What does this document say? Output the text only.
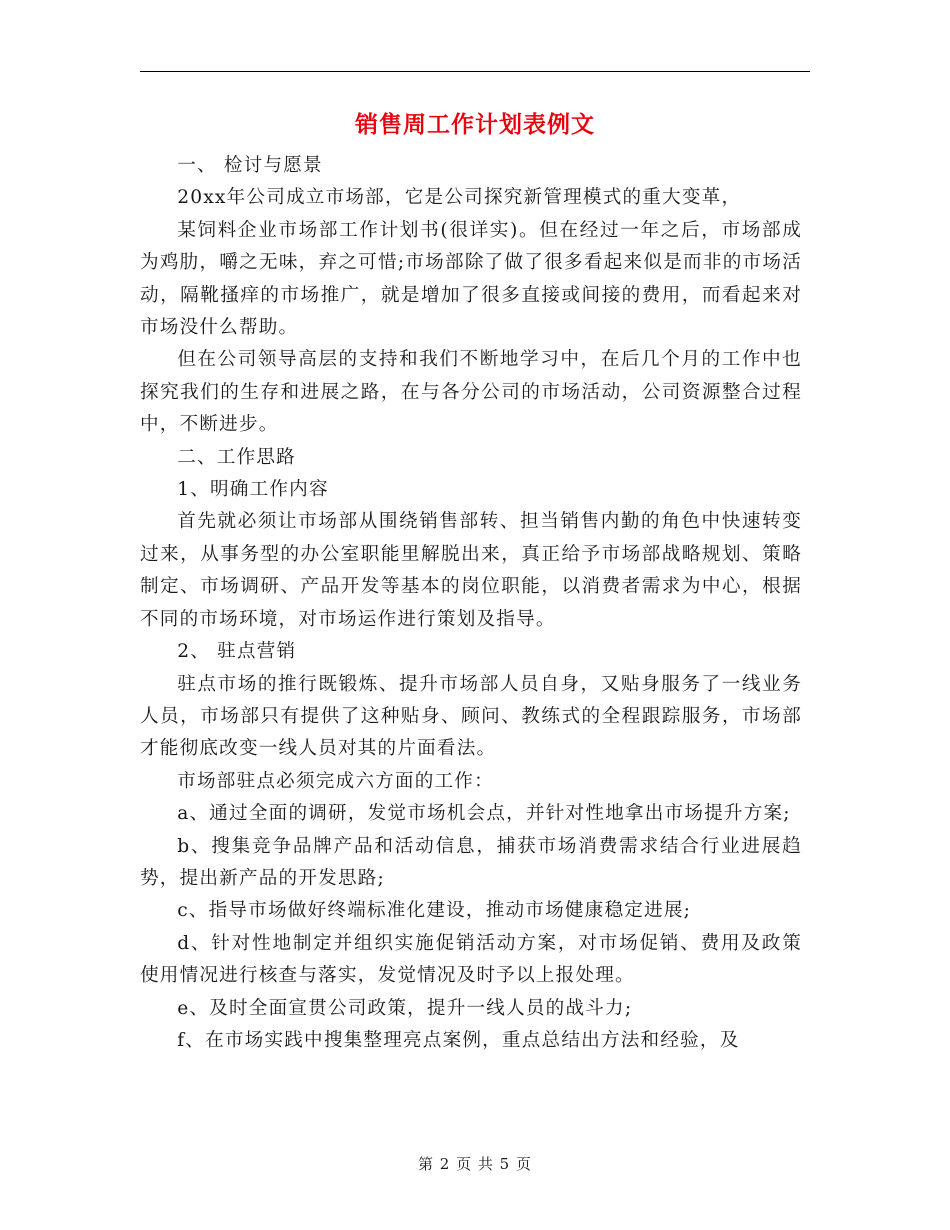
销售周工作计划表例文

一、 检讨与愿景

20xx年公司成立市场部，它是公司探究新管理模式的重大变革，

某饲料企业市场部工作计划书(很详实)。但在经过一年之后，市场部成为鸡肋，嚼之无味，弃之可惜;市场部除了做了很多看起来似是而非的市场活动，隔靴搔痒的市场推广，就是增加了很多直接或间接的费用，而看起来对市场没什么帮助。

但在公司领导高层的支持和我们不断地学习中，在后几个月的工作中也探究我们的生存和进展之路，在与各分公司的市场活动，公司资源整合过程中，不断进步。

二、工作思路

1、明确工作内容

首先就必须让市场部从围绕销售部转、担当销售内勤的角色中快速转变过来，从事务型的办公室职能里解脱出来，真正给予市场部战略规划、策略制定、市场调研、产品开发等基本的岗位职能，以消费者需求为中心，根据不同的市场环境，对市场运作进行策划及指导。

2、 驻点营销

驻点市场的推行既锻炼、提升市场部人员自身，又贴身服务了一线业务人员，市场部只有提供了这种贴身、顾问、教练式的全程跟踪服务，市场部才能彻底改变一线人员对其的片面看法。

市场部驻点必须完成六方面的工作：

a、通过全面的调研，发觉市场机会点，并针对性地拿出市场提升方案;

b、搜集竞争品牌产品和活动信息，捕获市场消费需求结合行业进展趋势，提出新产品的开发思路;

c、指导市场做好终端标准化建设，推动市场健康稳定进展;

d、针对性地制定并组织实施促销活动方案，对市场促销、费用及政策使用情况进行核查与落实，发觉情况及时予以上报处理。

e、及时全面宣贯公司政策，提升一线人员的战斗力;

f、在市场实践中搜集整理亮点案例，重点总结出方法和经验，及

第 2 页 共 5 页
